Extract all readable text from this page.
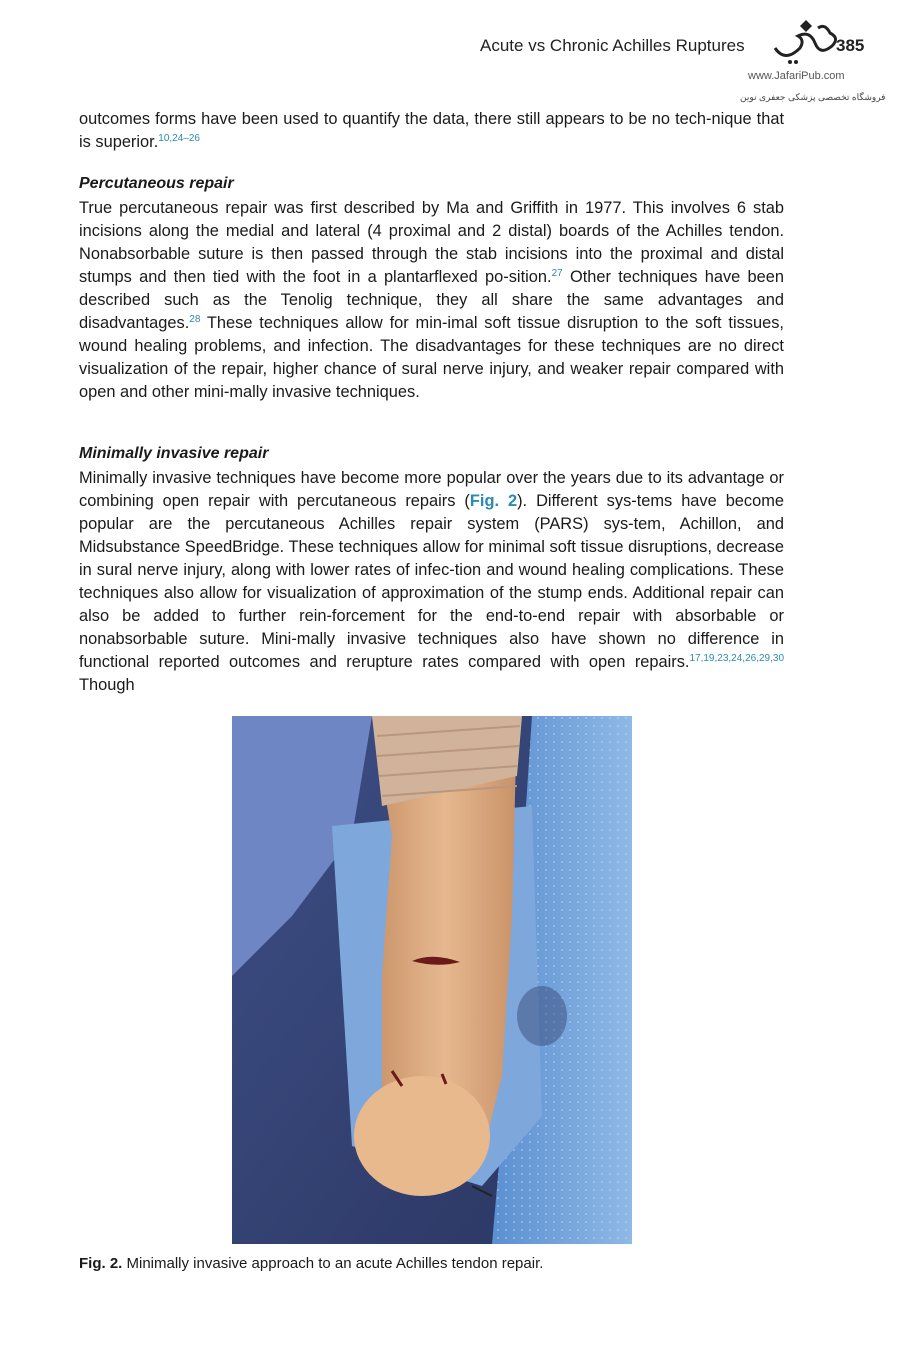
Acute vs Chronic Achilles Ruptures	385
www.JafariPub.com
فروشگاه تخصصی پزشکی جعفری نوین
outcomes forms have been used to quantify the data, there still appears to be no tech-nique that is superior.$^{10,24-26}$
Percutaneous repair
True percutaneous repair was first described by Ma and Griffith in 1977. This involves 6 stab incisions along the medial and lateral (4 proximal and 2 distal) boards of the Achilles tendon. Nonabsorbable suture is then passed through the stab incisions into the proximal and distal stumps and then tied with the foot in a plantarflexed po-sition.$^{27}$ Other techniques have been described such as the Tenolig technique, they all share the same advantages and disadvantages.$^{28}$ These techniques allow for min-imal soft tissue disruption to the soft tissues, wound healing problems, and infection. The disadvantages for these techniques are no direct visualization of the repair, higher chance of sural nerve injury, and weaker repair compared with open and other mini-mally invasive techniques.
Minimally invasive repair
Minimally invasive techniques have become more popular over the years due to its advantage or combining open repair with percutaneous repairs (Fig. 2). Different sys-tems have become popular are the percutaneous Achilles repair system (PARS) sys-tem, Achillon, and Midsubstance SpeedBridge. These techniques allow for minimal soft tissue disruptions, decrease in sural nerve injury, along with lower rates of infec-tion and wound healing complications. These techniques also allow for visualization of approximation of the stump ends. Additional repair can also be added to further rein-forcement for the end-to-end repair with absorbable or nonabsorbable suture. Mini-mally invasive techniques also have shown no difference in functional reported outcomes and rerupture rates compared with open repairs.$^{17,19,23,24,26,29,30}$ Though
Fig. 2. Minimally invasive approach to an acute Achilles tendon repair.
